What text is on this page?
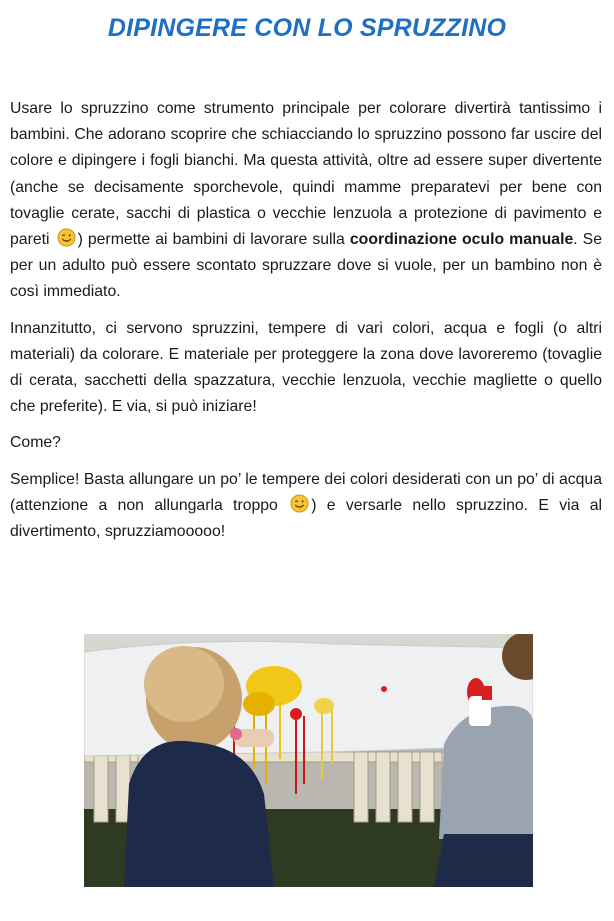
DIPINGERE CON LO SPRUZZINO

Usare lo spruzzino come strumento principale per colorare divertirà tantissimo i bambini. Che adorano scoprire che schiacciando lo spruzzino possono far uscire del colore e dipingere i fogli bianchi. Ma questa attività, oltre ad essere super divertente (anche se decisamente sporchevole, quindi mamme preparatevi per bene con tovaglie cerate, sacchi di plastica o vecchie lenzuola a protezione di pavimento e pareti ) permette ai bambini di lavorare sulla coordinazione oculo manuale. Se per un adulto può essere scontato spruzzare dove si vuole, per un bambino non è così immediato.

Innanzitutto, ci servono spruzzini, tempere di vari colori, acqua e fogli (o altri materiali) da colorare. E materiale per proteggere la zona dove lavoreremo (tovaglie di cerata, sacchetti della spazzatura, vecchie lenzuola, vecchie magliette o quello che preferite). E via, si può iniziare!

Come?

Semplice! Basta allungare un po’ le tempere dei colori desiderati con un po’ di acqua (attenzione a non allungarla troppo ) e versarle nello spruzzino. E via al divertimento, spruzziamooooo!
